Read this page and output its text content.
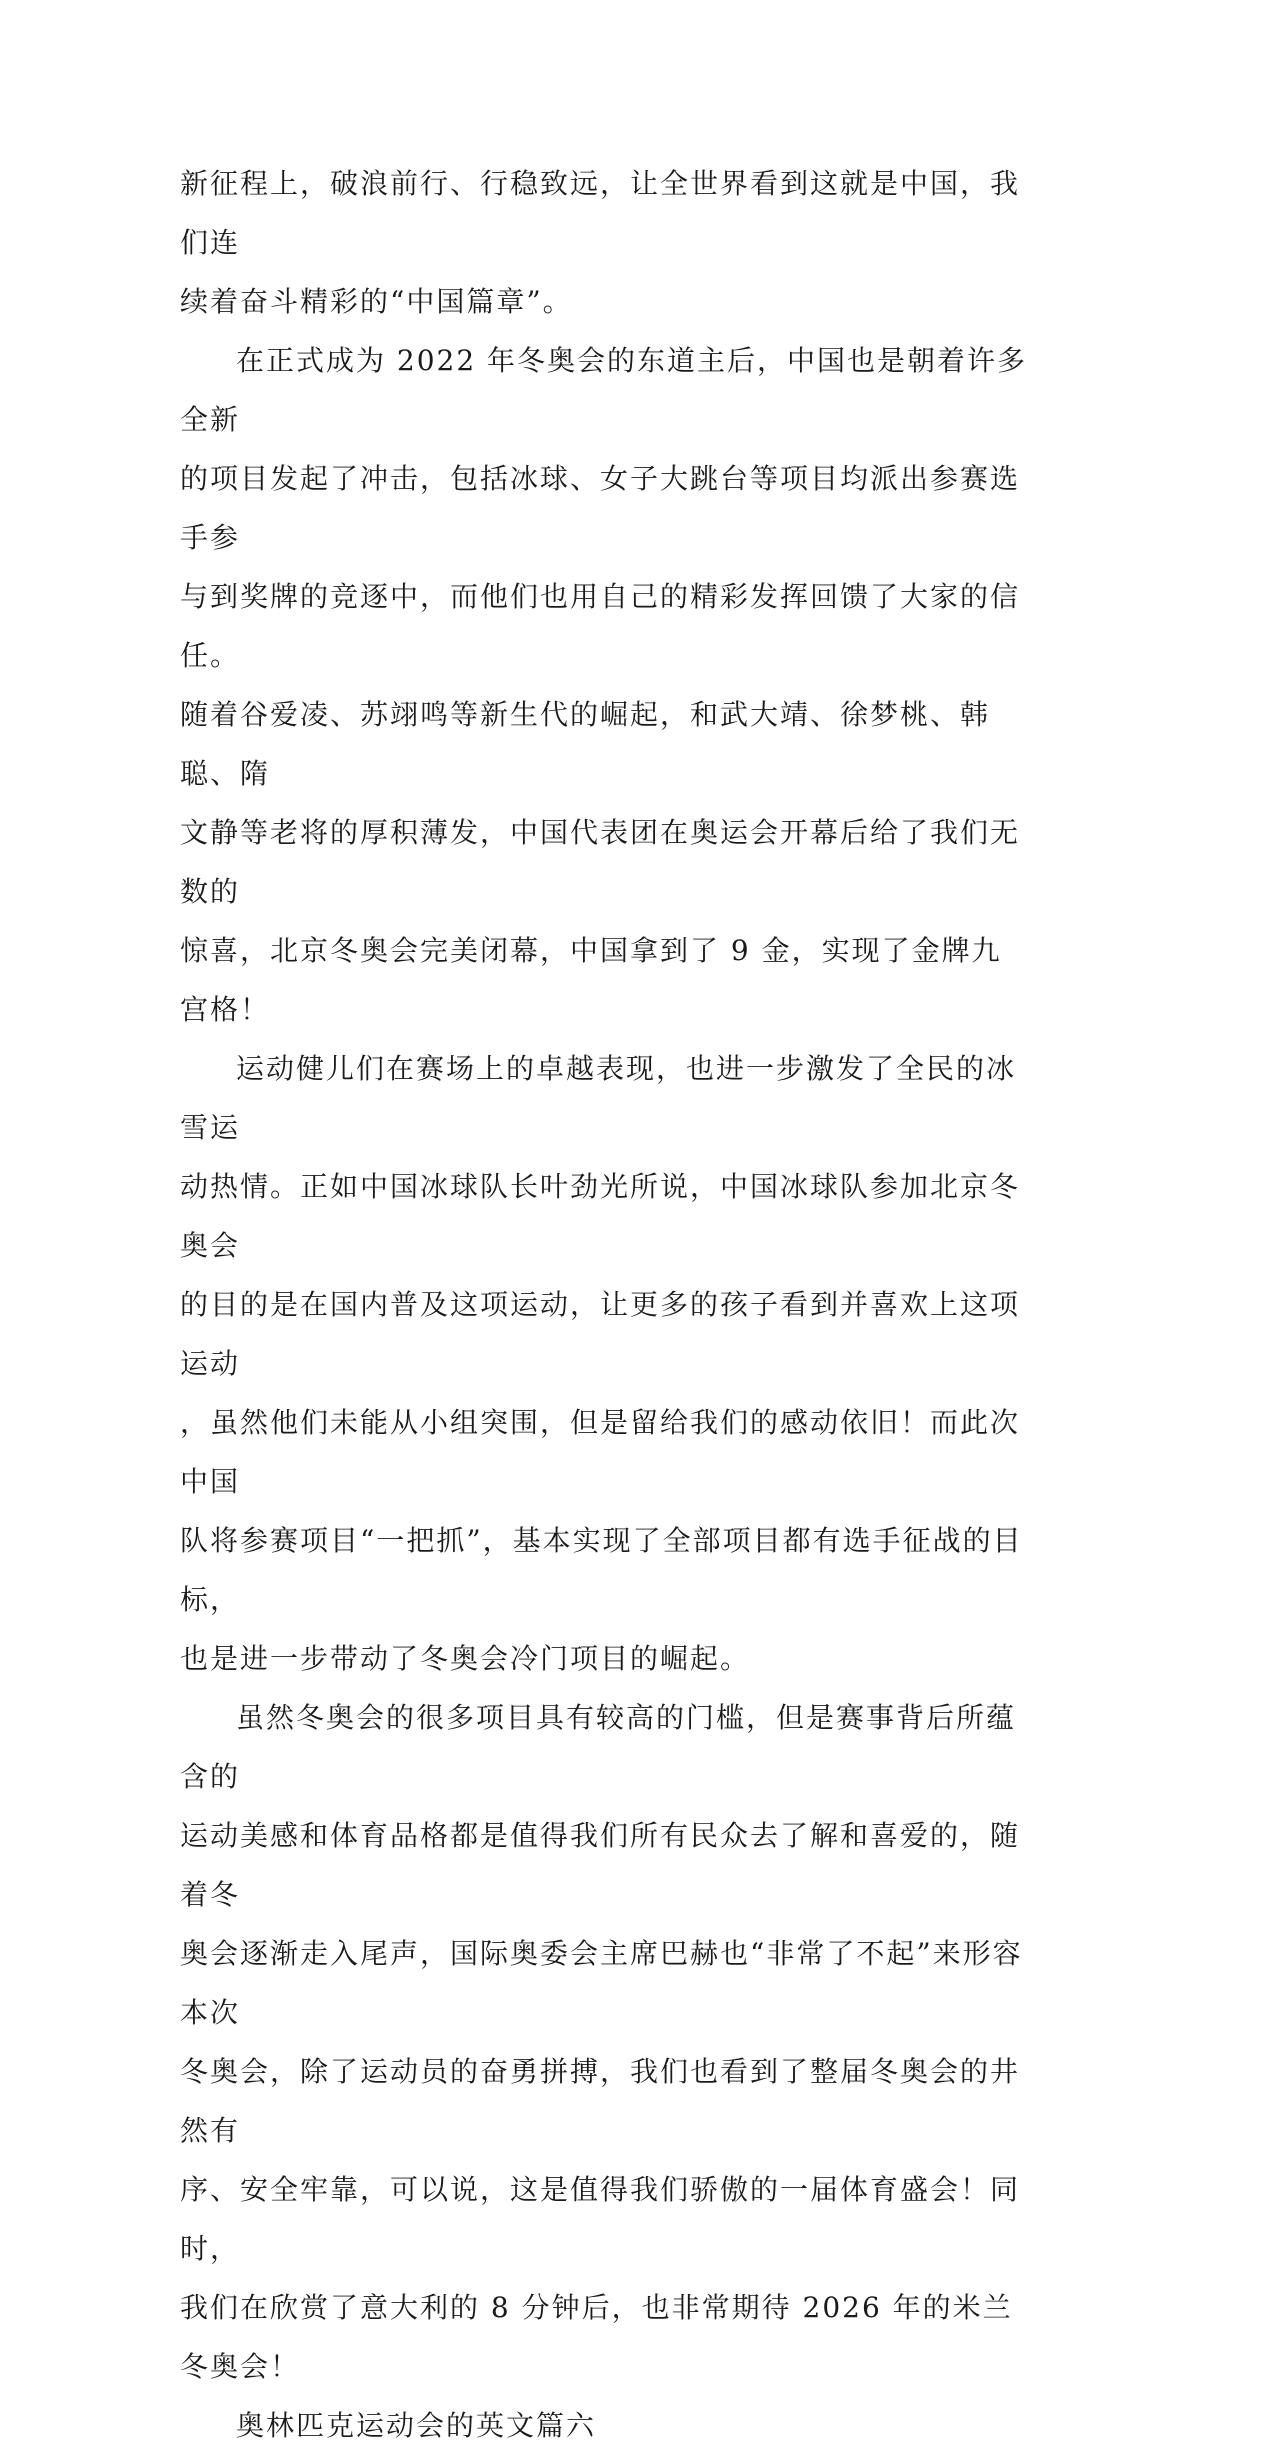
新征程上，破浪前行、行稳致远，让全世界看到这就是中国，我们连
续着奋斗精彩的“中国篇章”。

在正式成为 2022 年冬奥会的东道主后，中国也是朝着许多全新
的项目发起了冲击，包括冰球、女子大跳台等项目均派出参赛选手参
与到奖牌的竞逐中，而他们也用自己的精彩发挥回馈了大家的信任。
随着谷爱凌、苏翊鸣等新生代的崛起，和武大靖、徐梦桃、韩聪、隋
文静等老将的厚积薄发，中国代表团在奥运会开幕后给了我们无数的
惊喜，北京冬奥会完美闭幕，中国拿到了 9 金，实现了金牌九宫格！

运动健儿们在赛场上的卓越表现，也进一步激发了全民的冰雪运
动热情。正如中国冰球队长叶劲光所说，中国冰球队参加北京冬奥会
的目的是在国内普及这项运动，让更多的孩子看到并喜欢上这项运动
，虽然他们未能从小组突围，但是留给我们的感动依旧！而此次中国
队将参赛项目“一把抓”，基本实现了全部项目都有选手征战的目标，
也是进一步带动了冬奥会冷门项目的崛起。

虽然冬奥会的很多项目具有较高的门槛，但是赛事背后所蕴含的
运动美感和体育品格都是值得我们所有民众去了解和喜爱的，随着冬
奥会逐渐走入尾声，国际奥委会主席巴赫也“非常了不起”来形容本次
冬奥会，除了运动员的奋勇拼搏，我们也看到了整届冬奥会的井然有
序、安全牢靠，可以说，这是值得我们骄傲的一届体育盛会！同时，
我们在欣赏了意大利的 8 分钟后，也非常期待 2026 年的米兰冬奥会！

奥林匹克运动会的英文篇六
